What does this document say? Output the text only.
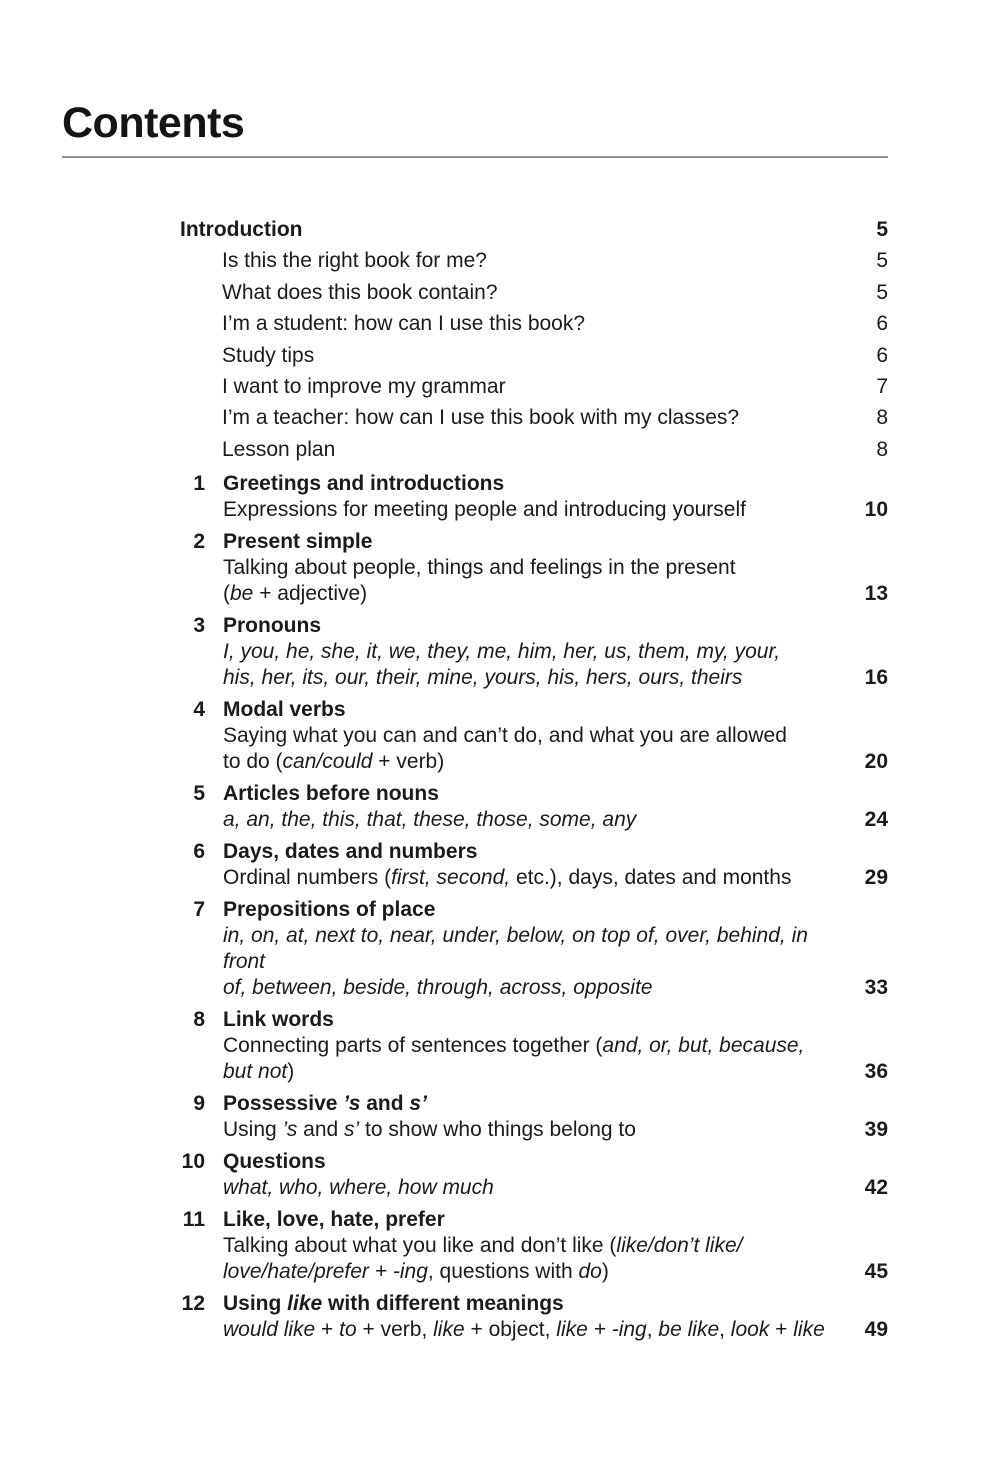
Contents
Introduction	5
Is this the right book for me?	5
What does this book contain?	5
I’m a student: how can I use this book?	6
Study tips	6
I want to improve my grammar	7
I’m a teacher: how can I use this book with my classes?	8
Lesson plan	8
1 Greetings and introductions
Expressions for meeting people and introducing yourself	10
2 Present simple
Talking about people, things and feelings in the present
(be + adjective)	13
3 Pronouns
I, you, he, she, it, we, they, me, him, her, us, them, my, your,
his, her, its, our, their, mine, yours, his, hers, ours, theirs	16
4 Modal verbs
Saying what you can and can’t do, and what you are allowed
to do (can/could + verb)	20
5 Articles before nouns
a, an, the, this, that, these, those, some, any	24
6 Days, dates and numbers
Ordinal numbers (first, second, etc.), days, dates and months	29
7 Prepositions of place
in, on, at, next to, near, under, below, on top of, over, behind, in front
of, between, beside, through, across, opposite	33
8 Link words
Connecting parts of sentences together (and, or, but, because,
but not)	36
9 Possessive ’s and s’
Using ’s and s’ to show who things belong to	39
10 Questions
what, who, where, how much	42
11 Like, love, hate, prefer
Talking about what you like and don’t like (like/don’t like/
love/hate/prefer + -ing, questions with do)	45
12 Using like with different meanings
would like + to + verb, like + object, like + -ing, be like, look + like	49
